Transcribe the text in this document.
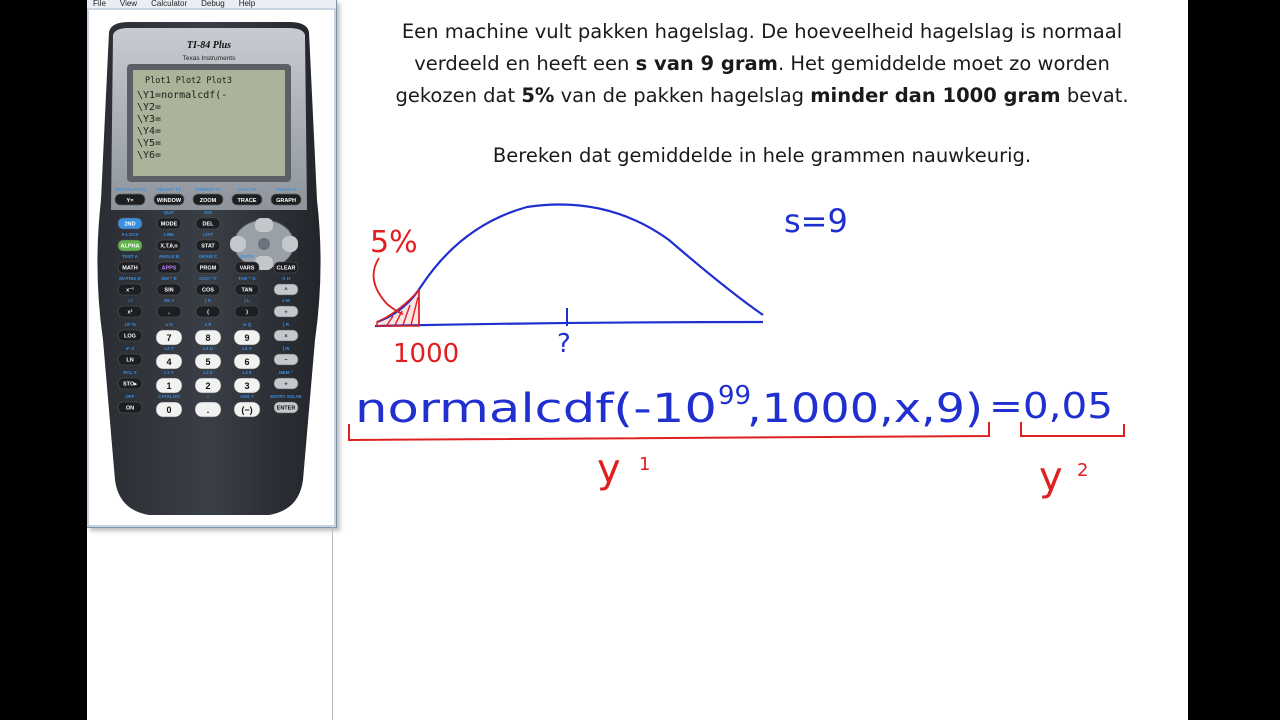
File View Calculator Debug Help
TI-84 Plus
Texas Instruments
Plot1 Plot2 Plot3
\Y1=normalcdf(-
\Y2=
\Y3=
\Y4=
\Y5=
\Y6=
STAT PLOT F1
Y=
TBLSET F2
WINDOW
FORMAT F3
ZOOM
CALC F4
TRACE
TABLE F5
GRAPH
QUIT	INS
2ND	MODE	DEL
A-LOCK	LINK	LIST
ALPHA	X,T,θ,n	STAT
TEST A	ANGLE B	DRAW C	DISTR
MATH	APPS	PRGM	VARS	CLEAR
MATRIX D	SIN⁻¹ E	COS⁻¹ F	TAN⁻¹ G	π H
x⁻¹	SIN	COS	TAN	^
√ I	EE J	{ K	} L	e M
x²	,	(	)	÷
10ˣ N	u O	v P	w Q	[ R
LOG	7	8	9	×
eˣ S	L4 T	L5 U	L6 V	] W
LN	4	5	6	−
RCL X	L1 Y	L2 Z	L3 θ	MEM "
STO▸	1	2	3	+
OFF	CATALOG	i	ANS ?	ENTRY SOLVE
ON	0	.	(−)	ENTER

Een machine vult pakken hagelslag. De hoeveelheid hagelslag is normaal

verdeeld en heeft een s van 9 gram. Het gemiddelde moet zo worden

gekozen dat 5% van de pakken hagelslag minder dan 1000 gram bevat.

Bereken dat gemiddelde in hele grammen nauwkeurig.
5%
1000	?
s=9
normalcdf(-10 99
,1000,x,9) =0,05
y 1	y 2
